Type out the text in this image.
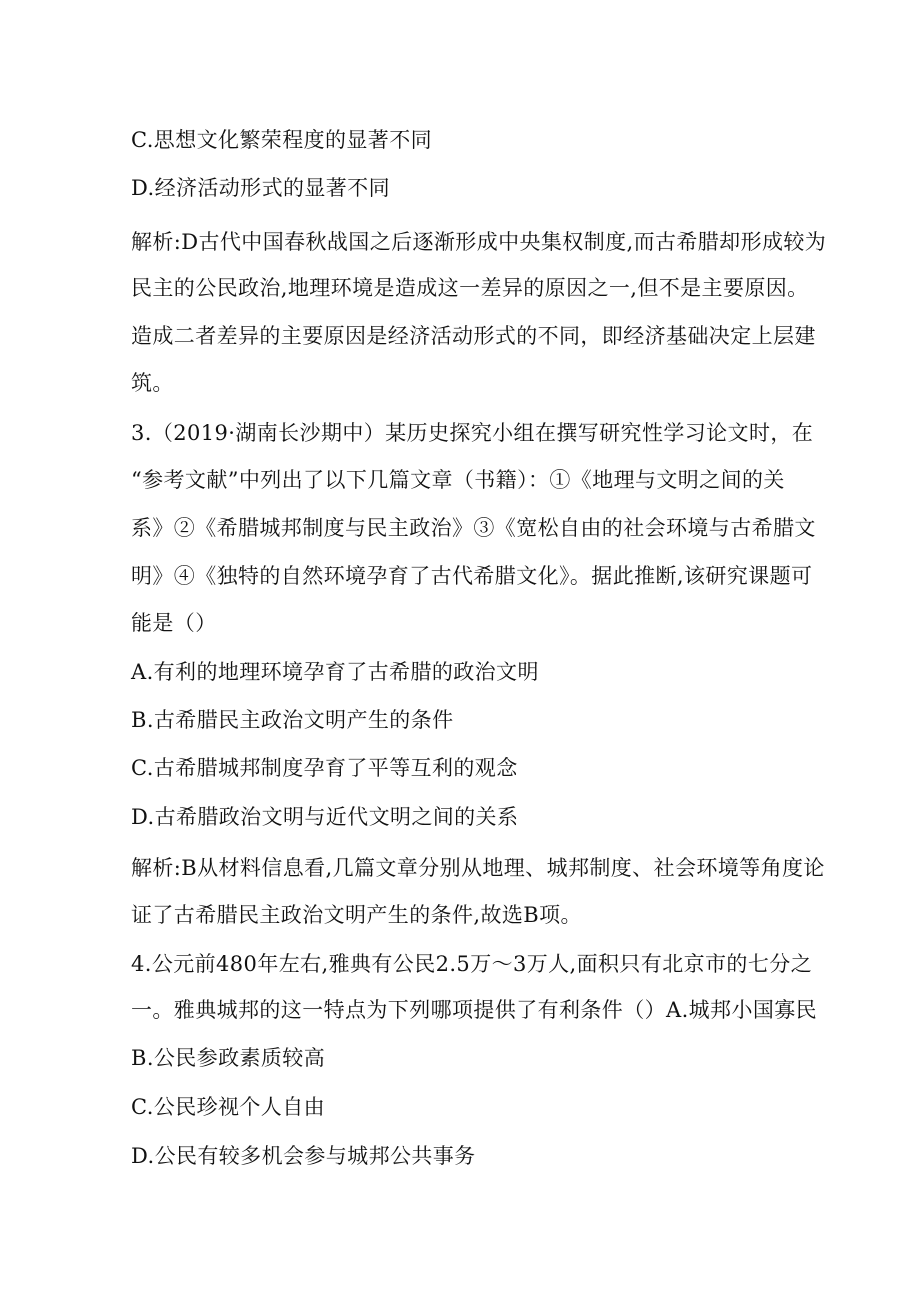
C.思想文化繁荣程度的显著不同

D.经济活动形式的显著不同

解析:D古代中国春秋战国之后逐渐形成中央集权制度,而古希腊却形成较为

民主的公民政治,地理环境是造成这一差异的原因之一,但不是主要原因。

造成二者差异的主要原因是经济活动形式的不同，即经济基础决定上层建

筑。

3.（2019·湖南长沙期中）某历史探究小组在撰写研究性学习论文时，在

“参考文献”中列出了以下几篇文章（书籍）：①《地理与文明之间的关

系》②《希腊城邦制度与民主政治》③《宽松自由的社会环境与古希腊文

明》④《独特的自然环境孕育了古代希腊文化》。据此推断,该研究课题可

能是（）

A.有利的地理环境孕育了古希腊的政治文明

B.古希腊民主政治文明产生的条件

C.古希腊城邦制度孕育了平等互利的观念

D.古希腊政治文明与近代文明之间的关系

解析:B从材料信息看,几篇文章分别从地理、城邦制度、社会环境等角度论

证了古希腊民主政治文明产生的条件,故选B项。

4.公元前480年左右,雅典有公民2.5万～3万人,面积只有北京市的七分之

一。雅典城邦的这一特点为下列哪项提供了有利条件（）A.城邦小国寡民

B.公民参政素质较高

C.公民珍视个人自由

D.公民有较多机会参与城邦公共事务
